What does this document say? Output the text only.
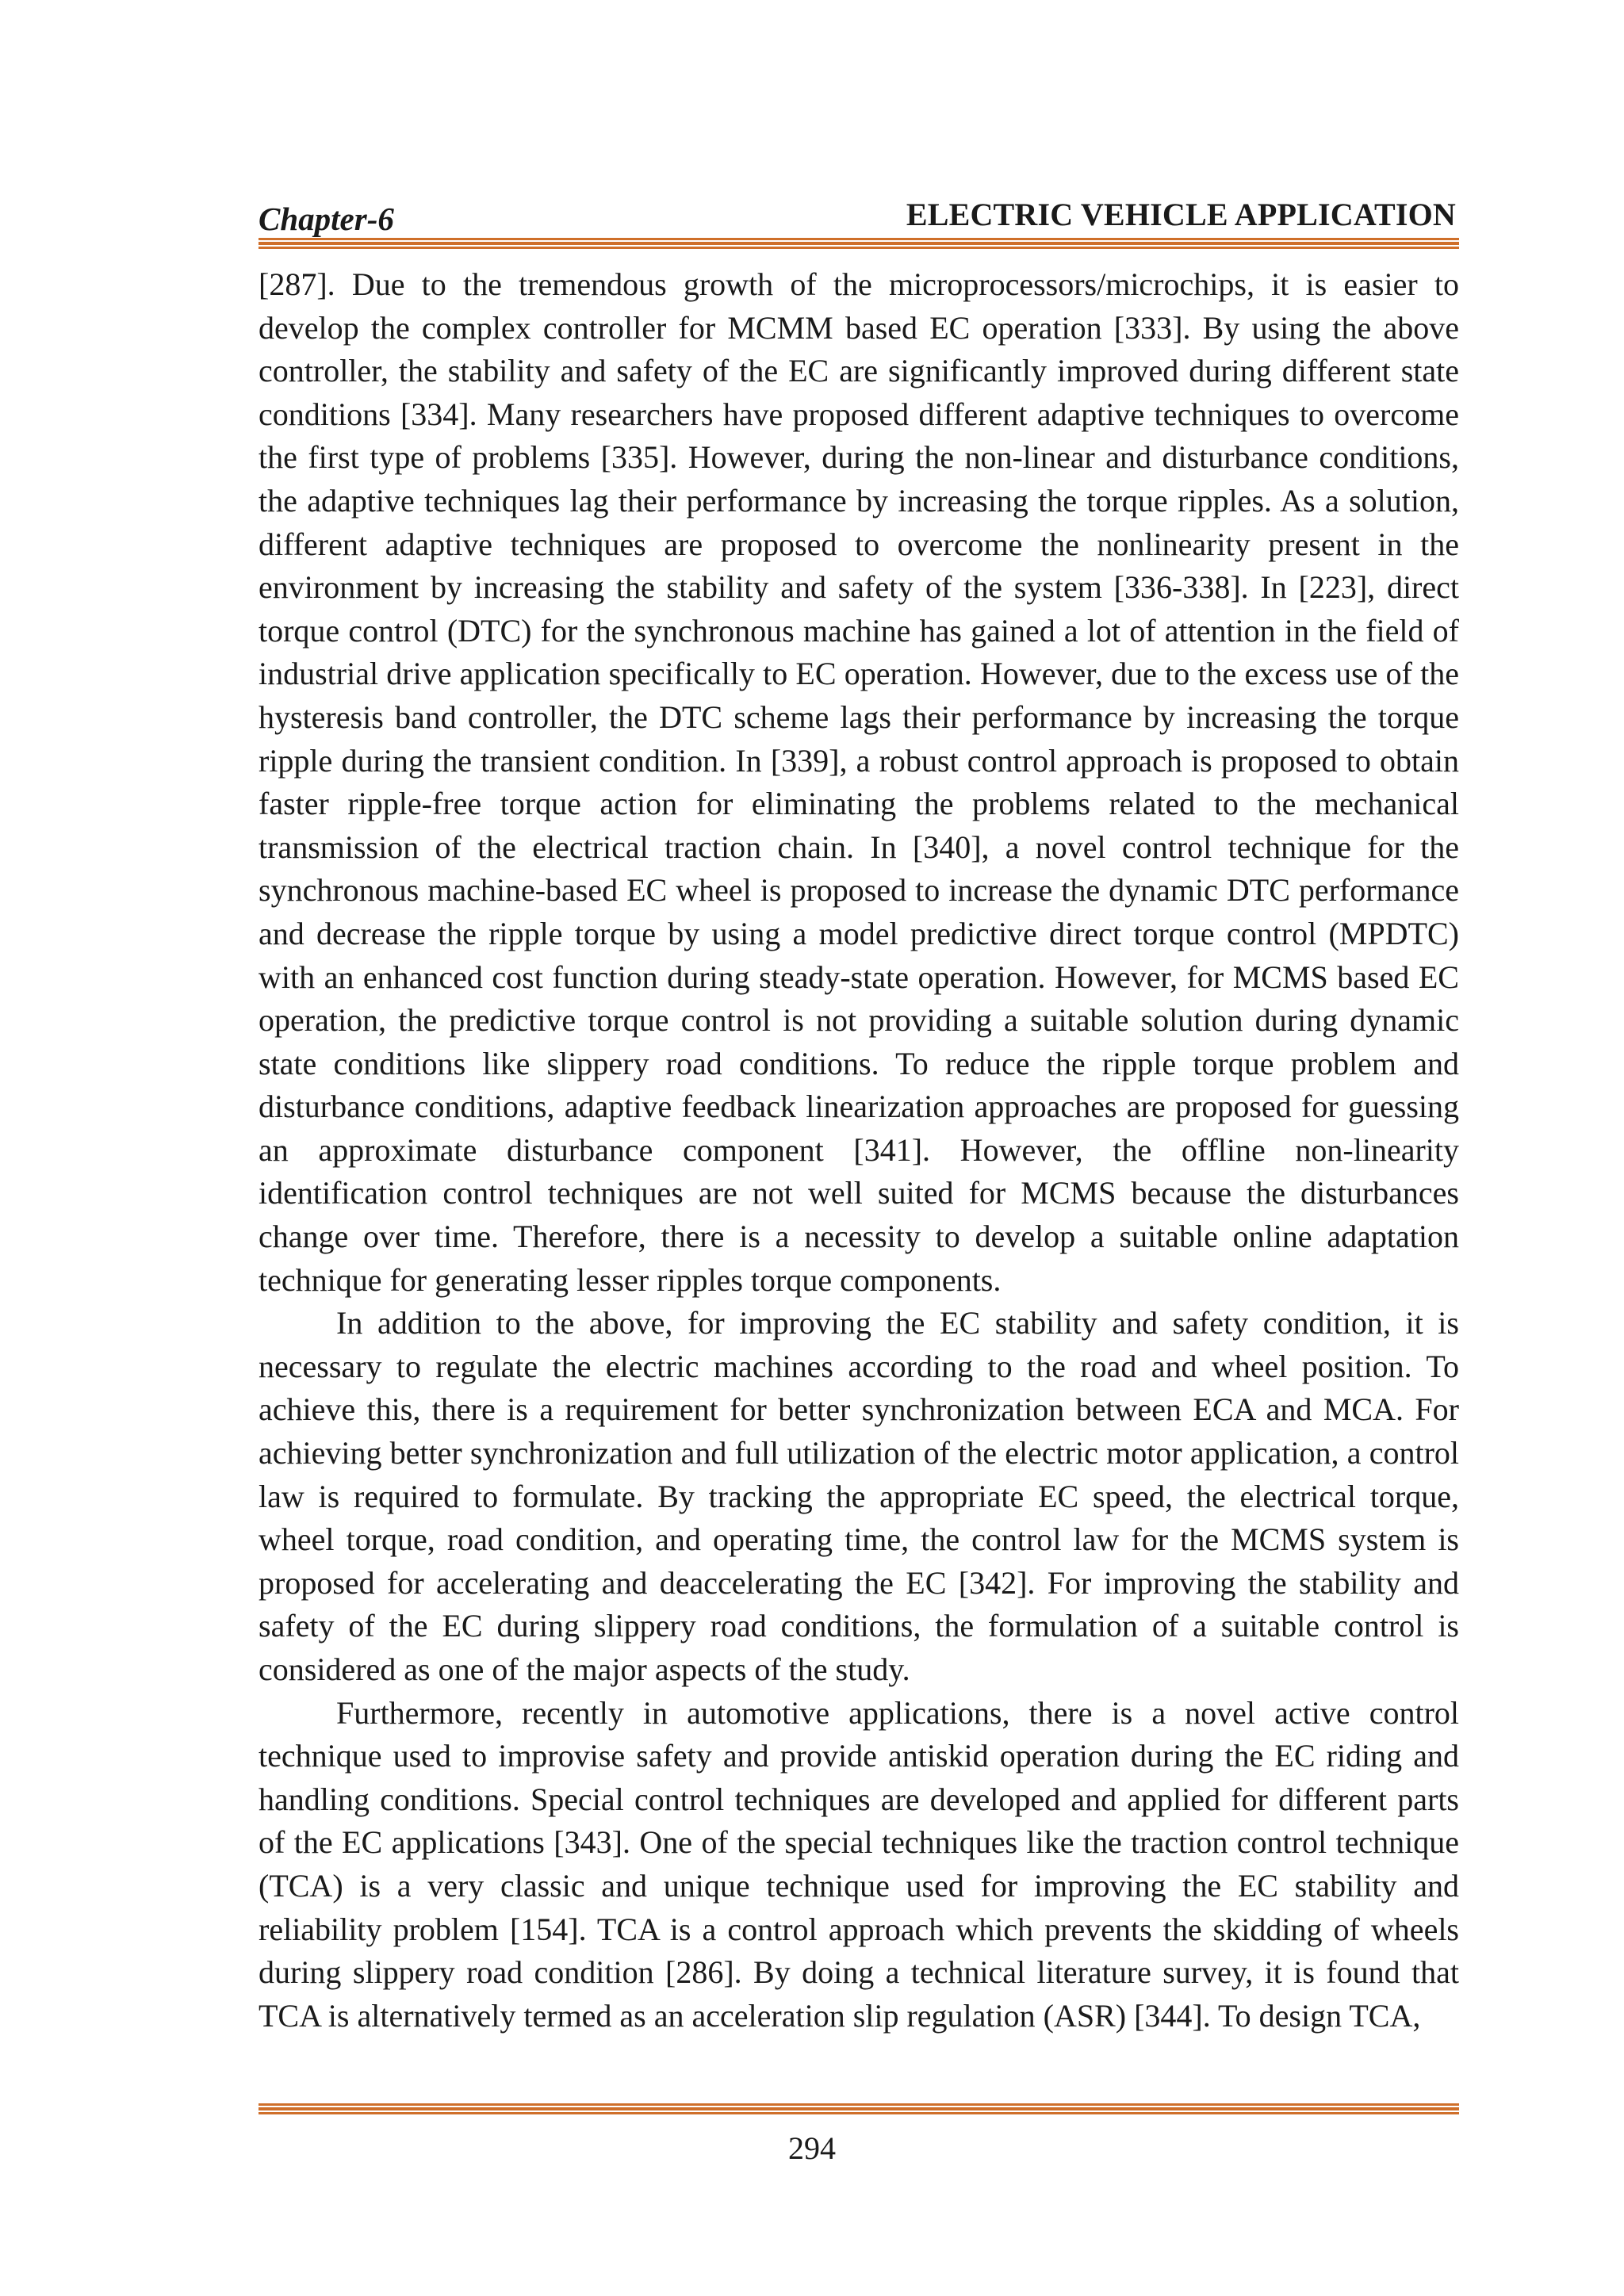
Chapter-6	ELECTRIC VEHICLE APPLICATION

[287]. Due to the tremendous growth of the microprocessors/microchips, it is easier to develop the complex controller for MCMM based EC operation [333]. By using the above controller, the stability and safety of the EC are significantly improved during different state conditions [334]. Many researchers have proposed different adaptive techniques to overcome the first type of problems [335]. However, during the non-linear and disturbance conditions, the adaptive techniques lag their performance by increasing the torque ripples. As a solution, different adaptive techniques are proposed to overcome the nonlinearity present in the environment by increasing the stability and safety of the system [336-338]. In [223], direct torque control (DTC) for the synchronous machine has gained a lot of attention in the field of industrial drive application specifically to EC operation. However, due to the excess use of the hysteresis band controller, the DTC scheme lags their performance by increasing the torque ripple during the transient condition. In [339], a robust control approach is proposed to obtain faster ripple-free torque action for eliminating the problems related to the mechanical transmission of the electrical traction chain. In [340], a novel control technique for the synchronous machine-based EC wheel is proposed to increase the dynamic DTC performance and decrease the ripple torque by using a model predictive direct torque control (MPDTC) with an enhanced cost function during steady-state operation. However, for MCMS based EC operation, the predictive torque control is not providing a suitable solution during dynamic state conditions like slippery road conditions. To reduce the ripple torque problem and disturbance conditions, adaptive feedback linearization approaches are proposed for guessing an approximate disturbance component [341]. However, the offline non-linearity identification control techniques are not well suited for MCMS because the disturbances change over time. Therefore, there is a necessity to develop a suitable online adaptation technique for generating lesser ripples torque components.

In addition to the above, for improving the EC stability and safety condition, it is necessary to regulate the electric machines according to the road and wheel position. To achieve this, there is a requirement for better synchronization between ECA and MCA. For achieving better synchronization and full utilization of the electric motor application, a control law is required to formulate. By tracking the appropriate EC speed, the electrical torque, wheel torque, road condition, and operating time, the control law for the MCMS system is proposed for accelerating and deaccelerating the EC [342]. For improving the stability and safety of the EC during slippery road conditions, the formulation of a suitable control is considered as one of the major aspects of the study.

Furthermore, recently in automotive applications, there is a novel active control technique used to improvise safety and provide antiskid operation during the EC riding and handling conditions. Special control techniques are developed and applied for different parts of the EC applications [343]. One of the special techniques like the traction control technique (TCA) is a very classic and unique technique used for improving the EC stability and reliability problem [154]. TCA is a control approach which prevents the skidding of wheels during slippery road condition [286]. By doing a technical literature survey, it is found that TCA is alternatively termed as an acceleration slip regulation (ASR) [344]. To design TCA,

294
